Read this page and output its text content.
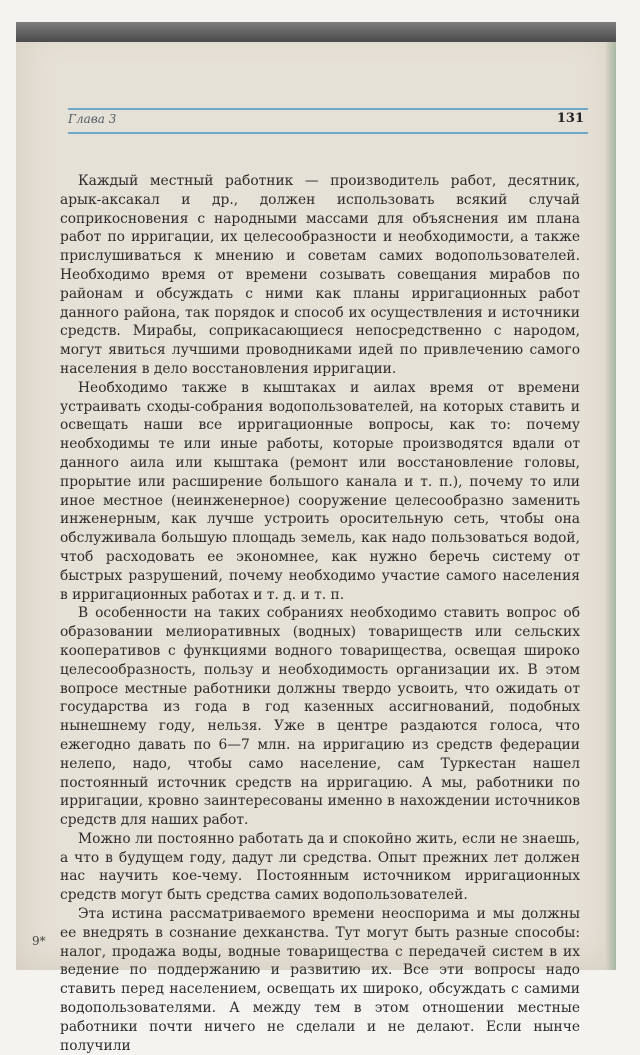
Глава 3	131

Каждый местный работник — производитель работ, десятник, арык-аксакал и др., должен использовать всякий случай соприкосновения с народными массами для объяснения им плана работ по ирригации, их целесообразности и необходимости, а также прислушиваться к мнению и советам самих водопользователей. Необходимо время от времени созывать совещания мирабов по районам и обсуждать с ними как планы ирригационных работ данного района, так порядок и способ их осуществления и источники средств. Мирабы, соприкасающиеся непосредственно с народом, могут явиться лучшими проводниками идей по привлечению самого населения в дело восстановления ирригации.

Необходимо также в кыштаках и аилах время от времени устраивать сходы-собрания водопользователей, на которых ставить и освещать наши все ирригационные вопросы, как то: почему необходимы те или иные работы, которые производятся вдали от данного аила или кыштака (ремонт или восстановление головы, прорытие или расширение большого канала и т. п.), почему то или иное местное (неинженерное) сооружение целесообразно заменить инженерным, как лучше устроить оросительную сеть, чтобы она обслуживала большую площадь земель, как надо пользоваться водой, чтоб расходовать ее экономнее, как нужно беречь систему от быстрых разрушений, почему необходимо участие самого населения в ирригационных работах и т. д. и т. п.

В особенности на таких собраниях необходимо ставить вопрос об образовании мелиоративных (водных) товариществ или сельских кооперативов с функциями водного товарищества, освещая широко целесообразность, пользу и необходимость организации их. В этом вопросе местные работники должны твердо усвоить, что ожидать от государства из года в год казенных ассигнований, подобных нынешнему году, нельзя. Уже в центре раздаются голоса, что ежегодно давать по 6—7 млн. на ирригацию из средств федерации нелепо, надо, чтобы само население, сам Туркестан нашел постоянный источник средств на ирригацию. А мы, работники по ирригации, кровно заинтересованы именно в нахождении источников средств для наших работ.

Можно ли постоянно работать да и спокойно жить, если не знаешь, а что в будущем году, дадут ли средства. Опыт прежних лет должен нас научить кое-чему. Постоянным источником ирригационных средств могут быть средства самих водопользователей.

Эта истина рассматриваемого времени неоспорима и мы должны ее внедрять в сознание дехканства. Тут могут быть разные способы: налог, продажа воды, водные товарищества с передачей систем в их ведение по поддержанию и развитию их. Все эти вопросы надо ставить перед населением, освещать их широко, обсуждать с самими водопользователями. А между тем в этом отношении местные работники почти ничего не сделали и не делают. Если нынче получили

9*
